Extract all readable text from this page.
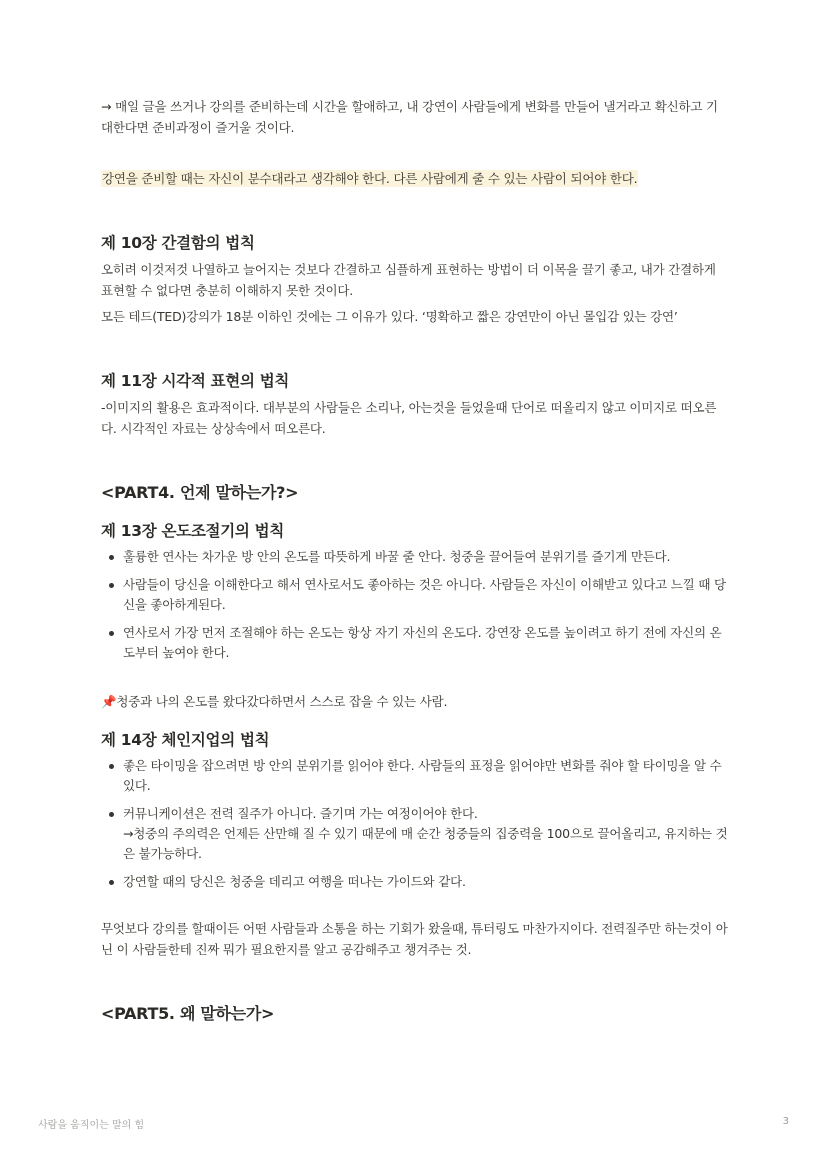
→ 매일 글을 쓰거나 강의를 준비하는데 시간을 할애하고, 내 강연이 사람들에게 변화를 만들어 낼거라고 확신하고 기대한다면 준비과정이 즐거울 것이다.

강연을 준비할 때는 자신이 분수대라고 생각해야 한다. 다른 사람에게 줄 수 있는 사람이 되어야 한다.

제 10장 간결함의 법칙

오히려 이것저것 나열하고 늘어지는 것보다 간결하고 심플하게 표현하는 방법이 더 이목을 끌기 좋고, 내가 간결하게 표현할 수 없다면 충분히 이해하지 못한 것이다.

모든 테드(TED)강의가 18분 이하인 것에는 그 이유가 있다. ‘명확하고 짧은 강연만이 아닌 몰입감 있는 강연’

제 11장 시각적 표현의 법칙

-이미지의 활용은 효과적이다. 대부분의 사람들은 소리나, 아는것을 들었을때 단어로 떠올리지 않고 이미지로 떠오른다. 시각적인 자료는 상상속에서 떠오른다.

<PART4. 언제 말하는가?>
제 13장 온도조절기의 법칙
훌륭한 연사는 차가운 방 안의 온도를 따뜻하게 바꿀 줄 안다. 청중을 끌어들여 분위기를 즐기게 만든다.
사람들이 당신을 이해한다고 해서 연사로서도 좋아하는 것은 아니다. 사람들은 자신이 이해받고 있다고 느낄 때 당신을 좋아하게된다.
연사로서 가장 먼저 조절해야 하는 온도는 항상 자기 자신의 온도다. 강연장 온도를 높이려고 하기 전에 자신의 온도부터 높여야 한다.

📌청중과 나의 온도를 왔다갔다하면서 스스로 잡을 수 있는 사람.

제 14장 체인지업의 법칙
좋은 타이밍을 잡으려면 방 안의 분위기를 읽어야 한다. 사람들의 표정을 읽어야만 변화를 줘야 할 타이밍을 알 수 있다.
커뮤니케이션은 전력 질주가 아니다. 즐기며 가는 여정이어야 한다.
→청중의 주의력은 언제든 산만해 질 수 있기 때문에 매 순간 청중들의 집중력을 100으로 끌어올리고, 유지하는 것은 불가능하다.
강연할 때의 당신은 청중을 데리고 여행을 떠나는 가이드와 같다.

무엇보다 강의를 할때이든 어떤 사람들과 소통을 하는 기회가 왔을때, 튜터링도 마찬가지이다. 전력질주만 하는것이 아닌 이 사람들한테 진짜 뭐가 필요한지를 알고 공감해주고 챙겨주는 것.

<PART5. 왜 말하는가>
사람을 움직이는 말의 힘	3
